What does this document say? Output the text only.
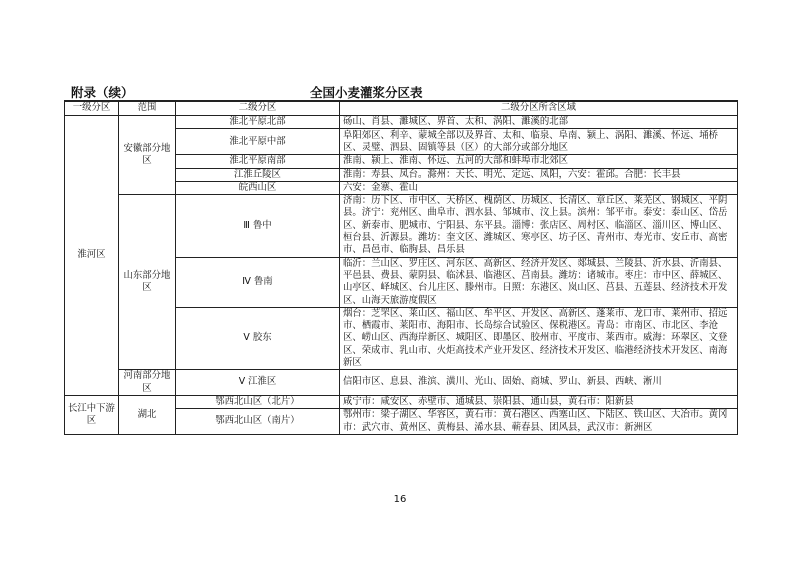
附录（续）	全国小麦灌浆分区表
一级分区	范围	二级分区	二级分区所含区域
淮河区	安徽部分地区	淮北平原北部	砀山、肖县、濉城区、界首、太和、涡阳、濉溪的北部
		淮北平原中部	阜阳郊区、利辛、蒙城全部以及界首、太和、临泉、阜南、颍上、涡阳、濉溪、怀远、埇桥区、灵璧、泗县、固镇等县（区）的大部分或部分地区
		淮北平原南部	淮南、颍上、淮南、怀远、五河的大部和蚌埠市北郊区
		江淮丘陵区	淮南：寿县、凤台。滁州：天长、明光、定远、凤阳，六安：霍邱。合肥：长丰县
		皖西山区	六安：金寨、霍山
	山东部分地区	Ⅲ 鲁中	济南：历下区、市中区、天桥区、槐荫区、历城区、长清区、章丘区、莱芜区、钢城区、平阴县。济宁：兖州区、曲阜市、泗水县、邹城市、汶上县。滨州：邹平市。泰安：泰山区、岱岳区、新泰市、肥城市、宁阳县、东平县。淄博：张店区、周村区、临淄区、淄川区、博山区、桓台县、沂源县。潍坊：奎文区、潍城区、寒亭区、坊子区、青州市、寿光市、安丘市、高密市、昌邑市、临朐县、昌乐县
		Ⅳ 鲁南	临沂：兰山区、罗庄区、河东区、高新区、经济开发区、郯城县、兰陵县、沂水县、沂南县、平邑县、费县、蒙阴县、临沭县、临港区、莒南县。潍坊：诸城市。枣庄：市中区、薛城区、山亭区、峄城区、台儿庄区、滕州市。日照：东港区、岚山区、莒县、五莲县、经济技术开发区、山海天旅游度假区
		Ⅴ 胶东	烟台：芝罘区、莱山区、福山区、牟平区、开发区、高新区、蓬莱市、龙口市、莱州市、招远市、栖霞市、莱阳市、海阳市、长岛综合试验区、保税港区。青岛：市南区、市北区、李沧区、崂山区、西海岸新区、城阳区、即墨区、胶州市、平度市、莱西市。威海：环翠区、文登区、荣成市、乳山市、火炬高技术产业开发区、经济技术开发区、临港经济技术开发区、南海新区
	河南部分地区	Ⅴ 江淮区	信阳市区、息县、淮滨、潢川、光山、固始、商城、罗山、新县、西峡、淅川
长江中下游区	湖北	鄂西北山区（北片）	咸宁市：咸安区、赤壁市、通城县、崇阳县、通山县，黄石市：阳新县
		鄂西北山区（南片）	鄂州市：梁子湖区、华容区，黄石市：黄石港区、西塞山区、下陆区、铁山区、大冶市。黄冈市：武穴市、黄州区、黄梅县、浠水县、蕲春县、团风县，武汉市：新洲区
16
